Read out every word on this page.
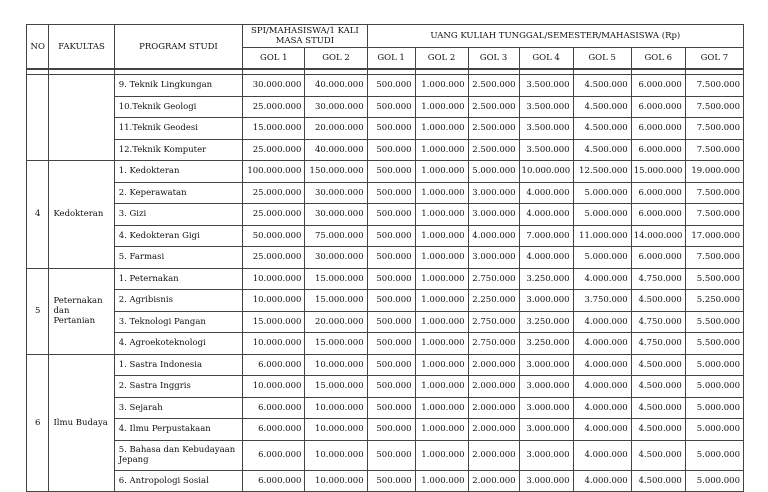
NO	FAKULTAS	PROGRAM STUDI	SPI/MAHASISWA/1 KALI MASA STUDI		UANG KULIAH TUNGGAL/SEMESTER/MAHASISWA (Rp)						
			GOL 1	GOL 2	GOL 1	GOL 2	GOL 3	GOL 4	GOL 5	GOL 6	GOL 7

		9. Teknik Lingkungan	30.000.000	40.000.000	500.000	1.000.000	2.500.000	3.500.000	4.500.000	6.000.000	7.500.000
		10.Teknik Geologi	25.000.000	30.000.000	500.000	1.000.000	2.500.000	3.500.000	4.500.000	6.000.000	7.500.000
		11.Teknik Geodesi	15.000.000	20.000.000	500.000	1.000.000	2.500.000	3.500.000	4.500.000	6.000.000	7.500.000
		12.Teknik Komputer	25.000.000	40.000.000	500.000	1.000.000	2.500.000	3.500.000	4.500.000	6.000.000	7.500.000
4	Kedokteran	1. Kedokteran	100.000.000	150.000.000	500.000	1.000.000	5.000.000	10.000.000	12.500.000	15.000.000	19.000.000
		2. Keperawatan	25.000.000	30.000.000	500.000	1.000.000	3.000.000	4.000.000	5.000.000	6.000.000	7.500.000
		3. Gizi	25.000.000	30.000.000	500.000	1.000.000	3.000.000	4.000.000	5.000.000	6.000.000	7.500.000
		4. Kedokteran Gigi	50.000.000	75.000.000	500.000	1.000.000	4.000.000	7.000.000	11.000.000	14.000.000	17.000.000
		5. Farmasi	25.000.000	30.000.000	500.000	1.000.000	3.000.000	4.000.000	5.000.000	6.000.000	7.500.000
5	Peternakan dan Pertanian	1. Peternakan	10.000.000	15.000.000	500.000	1.000.000	2.750.000	3.250.000	4.000.000	4.750.000	5.500.000
		2. Agribisnis	10.000.000	15.000.000	500.000	1.000.000	2.250.000	3.000.000	3.750.000	4.500.000	5.250.000
		3. Teknologi Pangan	15.000.000	20.000.000	500.000	1.000.000	2.750.000	3.250.000	4.000.000	4.750.000	5.500.000
		4. Agroekoteknologi	10.000.000	15.000.000	500.000	1.000.000	2.750.000	3.250.000	4.000.000	4.750.000	5.500.000
6	Ilmu Budaya	1. Sastra Indonesia	6.000.000	10.000.000	500.000	1.000.000	2.000.000	3.000.000	4.000.000	4.500.000	5.000.000
		2. Sastra Inggris	10.000.000	15.000.000	500.000	1.000.000	2.000.000	3.000.000	4.000.000	4.500.000	5.000.000
		3. Sejarah	6.000.000	10.000.000	500.000	1.000.000	2.000.000	3.000.000	4.000.000	4.500.000	5.000.000
		4. Ilmu Perpustakaan	6.000.000	10.000.000	500.000	1.000.000	2.000.000	3.000.000	4.000.000	4.500.000	5.000.000
		5. Bahasa dan Kebudayaan Jepang	6.000.000	10.000.000	500.000	1.000.000	2.000.000	3.000.000	4.000.000	4.500.000	5.000.000
		6. Antropologi Sosial	6.000.000	10.000.000	500.000	1.000.000	2.000.000	3.000.000	4.000.000	4.500.000	5.000.000
